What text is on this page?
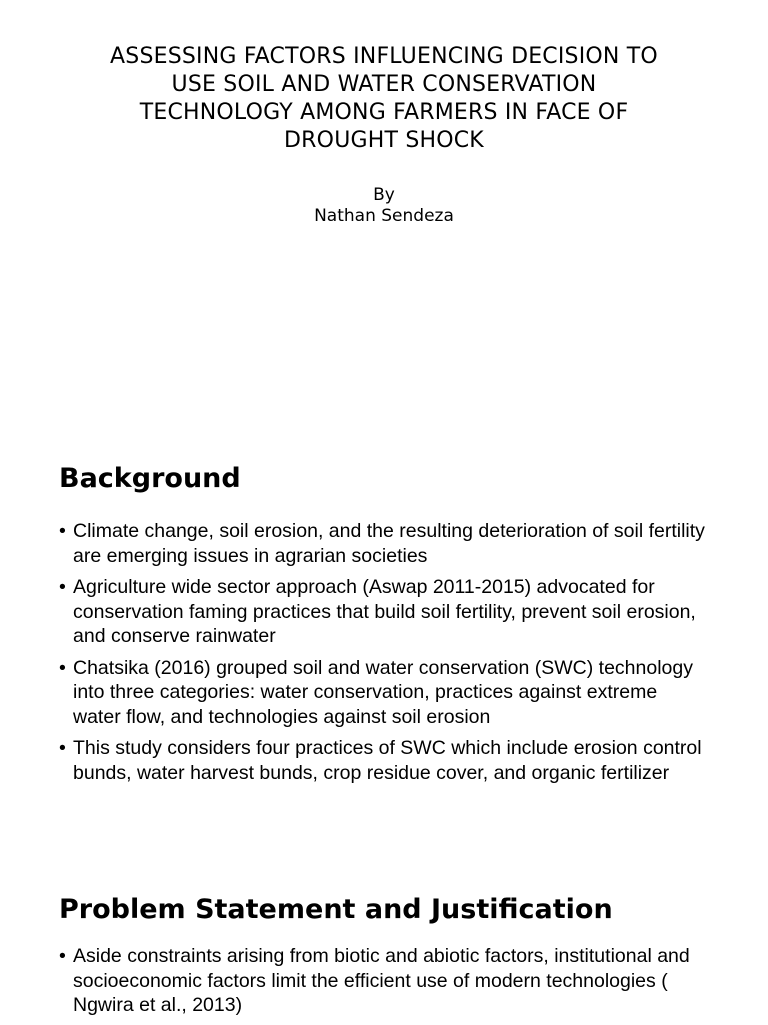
ASSESSING FACTORS INFLUENCING DECISION TO
USE SOIL AND WATER CONSERVATION
TECHNOLOGY AMONG FARMERS IN FACE OF
DROUGHT SHOCK
By
Nathan Sendeza
Background
• Climate change, soil erosion, and the resulting deterioration of soil fertility are emerging issues in agrarian societies
• Agriculture wide sector approach (Aswap 2011-2015) advocated for conservation faming practices that build soil fertility, prevent soil erosion, and conserve rainwater
• Chatsika (2016) grouped soil and water conservation (SWC) technology into three categories: water conservation, practices against extreme water flow, and technologies against soil erosion
• This study considers four practices of SWC which include erosion control bunds, water harvest bunds, crop residue cover, and organic fertilizer
Problem Statement and Justification
• Aside constraints arising from biotic and abiotic factors, institutional and socioeconomic factors limit the efficient use of modern technologies ( Ngwira et al., 2013)
